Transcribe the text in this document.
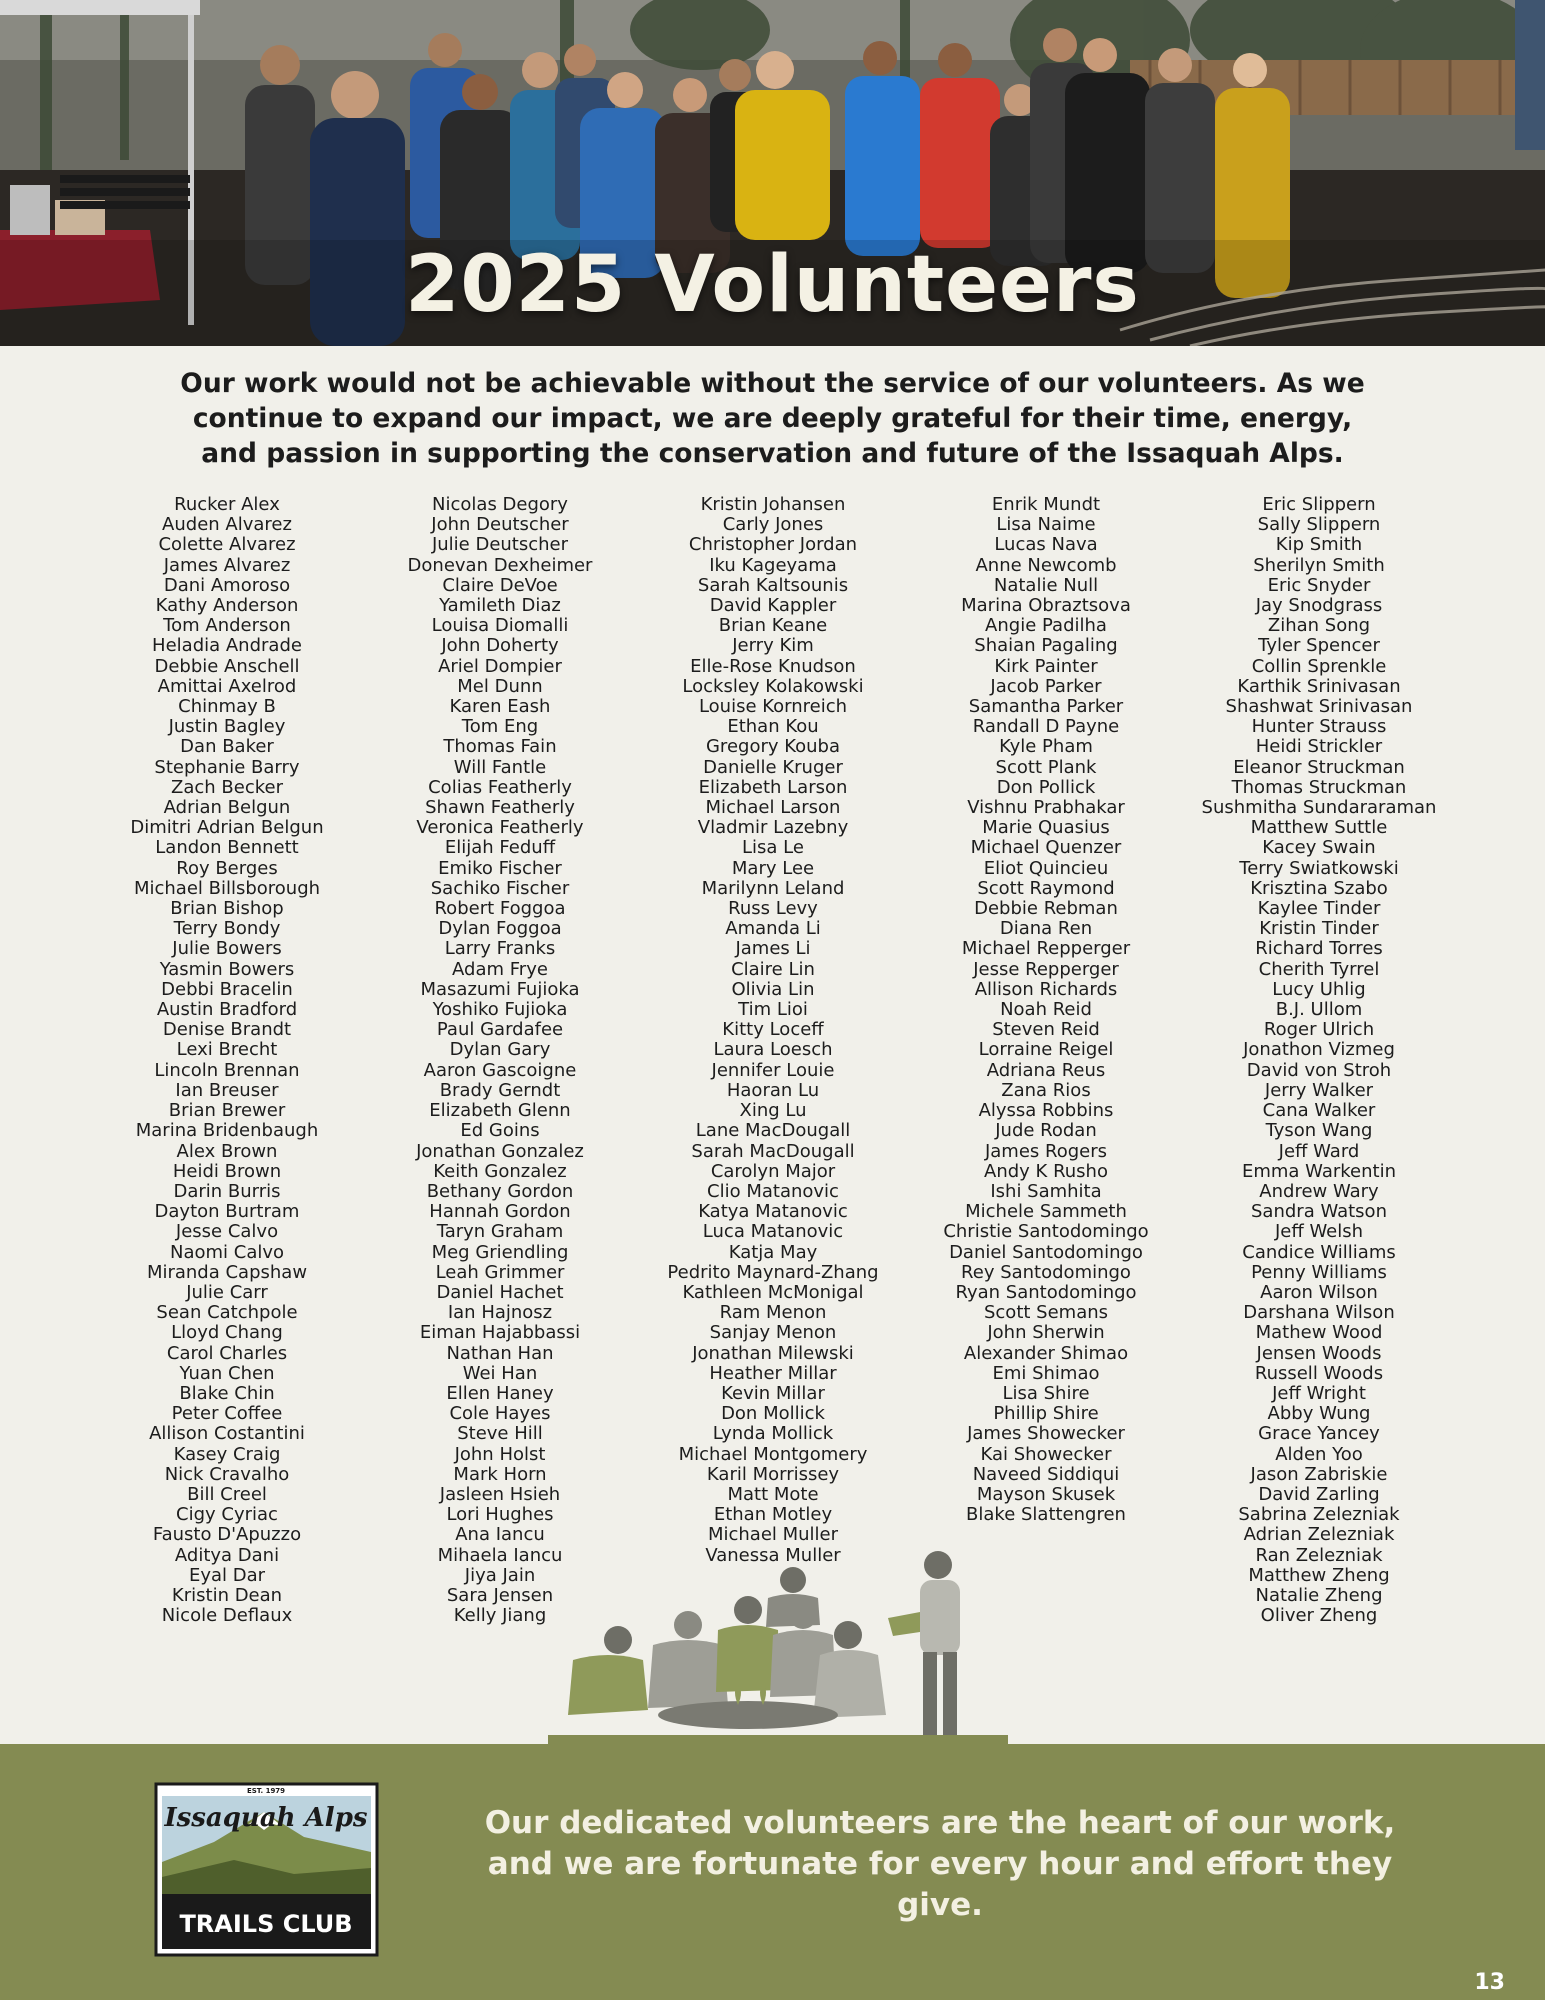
2025 Volunteers
Our work would not be achievable without the service of our volunteers. As we continue to expand our impact, we are deeply grateful for their time, energy, and passion in supporting the conservation and future of the Issaquah Alps.
Rucker Alex
Auden Alvarez
Colette Alvarez
James Alvarez
Dani Amoroso
Kathy Anderson
Tom Anderson
Heladia Andrade
Debbie Anschell
Amittai Axelrod
Chinmay B
Justin Bagley
Dan Baker
Stephanie Barry
Zach Becker
Adrian Belgun
Dimitri Adrian Belgun
Landon Bennett
Roy Berges
Michael Billsborough
Brian Bishop
Terry Bondy
Julie Bowers
Yasmin Bowers
Debbi Bracelin
Austin Bradford
Denise Brandt
Lexi Brecht
Lincoln Brennan
Ian Breuser
Brian Brewer
Marina Bridenbaugh
Alex Brown
Heidi Brown
Darin Burris
Dayton Burtram
Jesse Calvo
Naomi Calvo
Miranda Capshaw
Julie Carr
Sean Catchpole
Lloyd Chang
Carol Charles
Yuan Chen
Blake Chin
Peter Coffee
Allison Costantini
Kasey Craig
Nick Cravalho
Bill Creel
Cigy Cyriac
Fausto D'Apuzzo
Aditya Dani
Eyal Dar
Kristin Dean
Nicole Deflaux
Nicolas Degory
John Deutscher
Julie Deutscher
Donevan Dexheimer
Claire DeVoe
Yamileth Diaz
Louisa Diomalli
John Doherty
Ariel Dompier
Mel Dunn
Karen Eash
Tom Eng
Thomas Fain
Will Fantle
Colias Featherly
Shawn Featherly
Veronica Featherly
Elijah Feduff
Emiko Fischer
Sachiko Fischer
Robert Foggoa
Dylan Foggoa
Larry Franks
Adam Frye
Masazumi Fujioka
Yoshiko Fujioka
Paul Gardafee
Dylan Gary
Aaron Gascoigne
Brady Gerndt
Elizabeth Glenn
Ed Goins
Jonathan Gonzalez
Keith Gonzalez
Bethany Gordon
Hannah Gordon
Taryn Graham
Meg Griendling
Leah Grimmer
Daniel Hachet
Ian Hajnosz
Eiman Hajabbassi
Nathan Han
Wei Han
Ellen Haney
Cole Hayes
Steve Hill
John Holst
Mark Horn
Jasleen Hsieh
Lori Hughes
Ana Iancu
Mihaela Iancu
Jiya Jain
Sara Jensen
Kelly Jiang
Kristin Johansen
Carly Jones
Christopher Jordan
Iku Kageyama
Sarah Kaltsounis
David Kappler
Brian Keane
Jerry Kim
Elle-Rose Knudson
Locksley Kolakowski
Louise Kornreich
Ethan Kou
Gregory Kouba
Danielle Kruger
Elizabeth Larson
Michael Larson
Vladmir Lazebny
Lisa Le
Mary Lee
Marilynn Leland
Russ Levy
Amanda Li
James Li
Claire Lin
Olivia Lin
Tim Lioi
Kitty Loceff
Laura Loesch
Jennifer Louie
Haoran Lu
Xing Lu
Lane MacDougall
Sarah MacDougall
Carolyn Major
Clio Matanovic
Katya Matanovic
Luca Matanovic
Katja May
Pedrito Maynard-Zhang
Kathleen McMonigal
Ram Menon
Sanjay Menon
Jonathan Milewski
Heather Millar
Kevin Millar
Don Mollick
Lynda Mollick
Michael Montgomery
Karil Morrissey
Matt Mote
Ethan Motley
Michael Muller
Vanessa Muller
Enrik Mundt
Lisa Naime
Lucas Nava
Anne Newcomb
Natalie Null
Marina Obraztsova
Angie Padilha
Shaian Pagaling
Kirk Painter
Jacob Parker
Samantha Parker
Randall D Payne
Kyle Pham
Scott Plank
Don Pollick
Vishnu Prabhakar
Marie Quasius
Michael Quenzer
Eliot Quincieu
Scott Raymond
Debbie Rebman
Diana Ren
Michael Repperger
Jesse Repperger
Allison Richards
Noah Reid
Steven Reid
Lorraine Reigel
Adriana Reus
Zana Rios
Alyssa Robbins
Jude Rodan
James Rogers
Andy K Rusho
Ishi Samhita
Michele Sammeth
Christie Santodomingo
Daniel Santodomingo
Rey Santodomingo
Ryan Santodomingo
Scott Semans
John Sherwin
Alexander Shimao
Emi Shimao
Lisa Shire
Phillip Shire
James Showecker
Kai Showecker
Naveed Siddiqui
Mayson Skusek
Blake Slattengren
Eric Slippern
Sally Slippern
Kip Smith
Sherilyn Smith
Eric Snyder
Jay Snodgrass
Zihan Song
Tyler Spencer
Collin Sprenkle
Karthik Srinivasan
Shashwat Srinivasan
Hunter Strauss
Heidi Strickler
Eleanor Struckman
Thomas Struckman
Sushmitha Sundararaman
Matthew Suttle
Kacey Swain
Terry Swiatkowski
Krisztina Szabo
Kaylee Tinder
Kristin Tinder
Richard Torres
Cherith Tyrrel
Lucy Uhlig
B.J. Ullom
Roger Ulrich
Jonathon Vizmeg
David von Stroh
Jerry Walker
Cana Walker
Tyson Wang
Jeff Ward
Emma Warkentin
Andrew Wary
Sandra Watson
Jeff Welsh
Candice Williams
Penny Williams
Aaron Wilson
Darshana Wilson
Mathew Wood
Jensen Woods
Russell Woods
Jeff Wright
Abby Wung
Grace Yancey
Alden Yoo
Jason Zabriskie
David Zarling
Sabrina Zelezniak
Adrian Zelezniak
Ran Zelezniak
Matthew Zheng
Natalie Zheng
Oliver Zheng
EST. 1979
Issaquah Alps
TRAILS CLUB
Our dedicated volunteers are the heart of our work, and we are fortunate for every hour and effort they give.
13
